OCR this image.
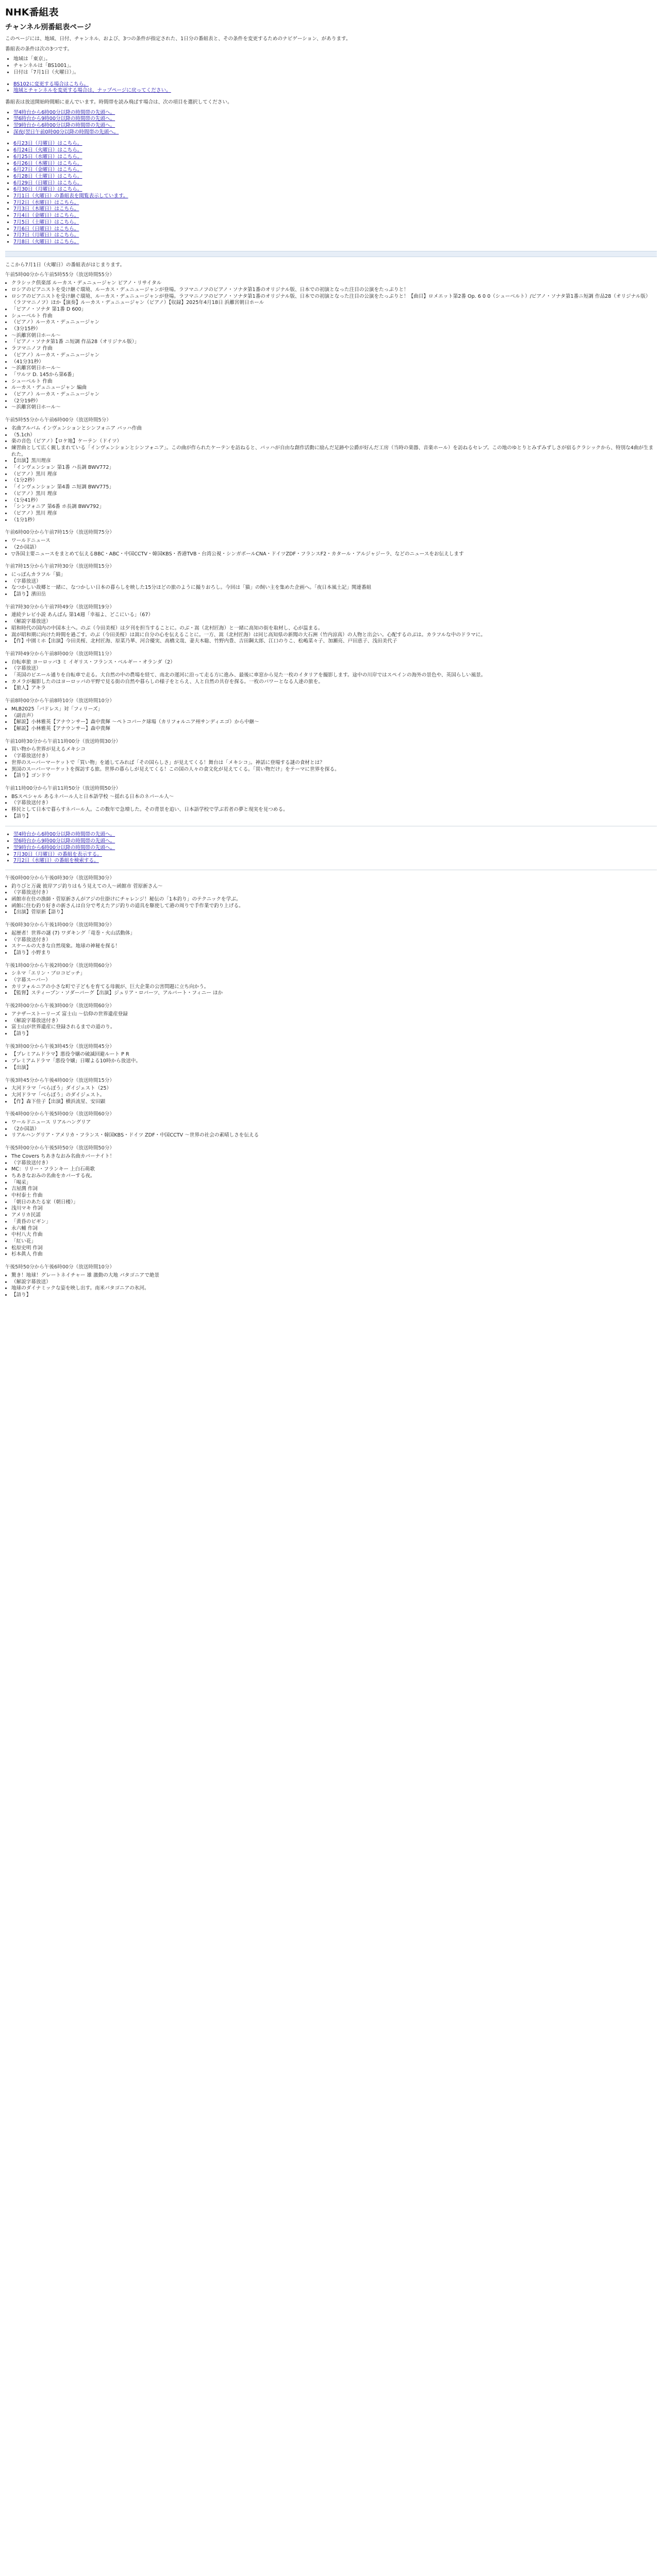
NHK番組表
チャンネル別番組表ページ

このページには、地域、日付、チャンネル、および、3つの条件が指定された、1日分の番組表と、その条件を変更するためのナビゲーション、があります。

番組表の条件は次の3つです。

• 地域は「東京」。
• チャンネルは「BS1001」。
• 日付は「7月1日（火曜日）」。
• BS102に変更する場合はこちら。
• 地域とチャンネルを変更する場合は、ナップページに戻ってください。

番組表は放送開始時間順に並んでいます。時間帯を読み飛ばす場合は、次の項目を選択してください。

• 翌4時台から6時00分以降の時間帯の先頭へ。
• 翌6時台から9時00分以降の時間帯の先頭へ。
• 翌9時台から6時00分以降の時間帯の先頭へ。
• 深夜(翌日午前0時00分以降の時間帯の先頭へ。
• 6月23日（月曜日）はこちら。
• 6月24日（火曜日）はこちら。
• 6月25日（水曜日）はこちら。
• 6月26日（木曜日）はこちら。
• 6月27日（金曜日）はこちら。
• 6月28日（土曜日）はこちら。
• 6月29日（日曜日）はこちら。
• 6月30日（月曜日）はこちら。
• 7月1日（火曜日）の番組表を閲覧表示しています。
• 7月2日（水曜日）はこちら。
• 7月3日（木曜日）はこちら。
• 7月4日（金曜日）はこちら。
• 7月5日（土曜日）はこちら。
• 7月6日（日曜日）はこちら。
• 7月7日（月曜日）はこちら。
• 7月8日（火曜日）はこちら。

ここから7月1日（火曜日）の番組表がはじまります。

午前5時00分から午前5時55分（放送時間55分）
• クラシック倶楽部 ルーカス・デュニュージャン ピアノ・リサイタル
• ロシアのピアニストを受け継ぐ環境、ルーカス・デュニュージャンが登場。ラフマニノフのピアノ・ソナタ第1番のオリジナル版、日本での初演となった注目の公演をたっぷりと！
• ロシアのピアニストを受け継ぐ環境、ルーカス・デュニュージャンが登場。ラフマニノフのピアノ・ソナタ第1番のオリジナル版、日本での初演となった注目の公演をたっぷりと！【曲目】ロメエット第2番 Op. 6 0 0（シューベルト）/ピアノ・ソナタ第1番ニ短調 作品28（オリジナル版）（ラフマニノフ）ほか【演奏】ルーカス・デュニュージャン（ピアノ）【収録】2025年4月18日 浜離宮朝日ホール
• 「ピアノ・ソナタ 第1番 D 600」
• シューベルト 作曲
• （ピアノ）ルーカス・デュニュージャン
• （3分15秒）
• ～浜離宮朝日ホール～
• 「ピアノ・ソナタ第1番 ニ短調 作品28（オリジナル版）」
• ラフマニノフ 作曲
• （ピアノ）ルーカス・デュニュージャン
• （41分31秒）
• ～浜離宮朝日ホール～
• 「ワルツ D. 145から第6番」
• シューベルト 作曲
• ルーカス・デュニュージャン 編曲
• （ピアノ）ルーカス・デュニュージャン
• （2分19秒）
• ～浜離宮朝日ホール～
午前5時55分から午前6時00分（放送時間5分）
• 名曲アルバム インヴェンションとシンフォニア バッハ作曲
• （5.1ch）
• 楽の音色（ピアノ）【ロケ地】ケーテン（ドイツ）
• 練習曲として広く親しまれている「インヴェンションとシンフォニア」。この曲が作られたケーテンを訪ねると、バッハが自由な創作活動に励んだ足跡や公爵が好んだ工房（当時の楽器、音楽ホール）を訪ねるセレブ。この地のゆとりとみずみずしさが宿るクラシックから、特別な4曲が生まれた。
• 【出演】黒川理彦
• 「インヴェンション 第1番 ハ長調 BWV772」
• （ピアノ）黒川 理彦
• （1分2秒）
• 「インヴェンション 第4番 ニ短調 BWV775」
• （ピアノ）黒川 理彦
• （1分41秒）
• 「シンフォニア 第6番 ホ長調 BWV792」
• （ピアノ）黒川 理彦
• （1分1秒）
午前6時00分から午前7時15分（放送時間75分）
• ワールドニュース
• （2か国語）
• ▽各国主要ニュースをまとめて伝えるBBC・ABC・中国CCTV・韓国KBS・香港TVB・台湾公視・シンガポールCNA・ドイツZDF・フランスF2・カタール・アルジャジーラ、などのニュースをお伝えします
午前7時15分から午前7時30分（放送時間15分）
• にっぽんカラフル「猫」
• （字幕放送）
• なつかしい故郷と一緒に、なつかしい日本の暮らしを映した15分ほどの旅のように撮りおろし。今回は「猫」の飼い主を集めた企画へ。「夜日本風土記」関連番組
• 【語り】濱田岳
午前7時30分から午前7時49分（放送時間19分）
• 連続テレビ小説 あんぱん 第14週「幸福よ、どこにいる」（67）
• （解説字幕放送）
• 昭和時代の国内の中国本土へ。のぶ（今田美桜）は夕刊を担当することに。のぶ・嵩（北村匠海）と一緒に高知の街を取材し、心が温まる。
• 嵩が昭和期に向けた時間を過ごす。のぶ（今田美桜）は嵩に自分の心を伝えることに。一方、嵩（北村匠海）は同じ高知県の新聞の大石洲（竹内涼真）の人物と出会い。心配するのぶは。カラフルな中のドラマに。
• 【作】中園ミホ【出演】今田美桜、北村匠海、原菜乃華、河合優実、高橋文哉、妻夫木聡、竹野内豊、吉田鋼太郎、江口のりこ、松嶋菜々子、加瀬亮、戸田恵子、浅田美代子
午前7時49分から午前8時00分（放送時間11分）
• 自転車旅 ヨーロッパ3 ミ イギリス・フランス・ベルギー・オランダ（2）
• （字幕放送）
• 「英国のピエール通りを自転車で走る。大自然の中の農場を経て、南北の運河に沿って走る方に進み、最後に車窓から見た一枚のイタリアを撮影します。途中の川岸ではスペインの海外の景色や、英国らしい風景。
• カメラが撮影したのはヨーロッパの平野で見る街の自然や暮らしの様子をとらえ、人と自然の共存を探る。一枚のパワーとなる人達の旅を。
• 【旅人】アキラ
午前8時00分から午前8時10分（放送時間10分）
• MLB2025「パドレス」対「フィリーズ」
• （副音声）
• 【解説】小林雅英【アナウンサー】森中貴輝 ～ペトコパーク球場（カリフォルニア州サンディエゴ）から中継～
• 【解説】小林雅英【アナウンサー】森中貴輝
午前10時30分から午前11時00分（放送時間30分）
• 買い物から世界が見えるメキシコ
• （字幕放送付き）
• 世界のスーパーマーケットで「買い物」を通してみれば「その国らしさ」が見えてくる！舞台は「メキシコ」。神話に登場する謎の食材とは？
• 異国のスーパーマーケットを探訪する旅。世界の暮らしが見えてくる！この国の人々の食文化が見えてくる。「買い物だけ」をテーマに世界を探る。
• 【語り】ゴンドウ
午前11時00分から午前11時50分（放送時間50分）
• BSスペシャル あるネパール人と日本語学校 ～揺れる日本のネパール人～
• （字幕放送付き）
• 移民として日本で暮らすネパール人。この数年で急増した。その背景を追い、日本語学校で学ぶ若者の夢と現実を見つめる。
• 【語り】
• 翌4時台から6時00分以降の時間帯の先頭へ。
• 翌6時台から9時00分以降の時間帯の先頭へ。
• 翌9時台から6時00分以降の時間帯の先頭へ。
• 7月30日（月曜日）の番組を表示する。
• 7月2日（水曜日）の番組を検索する。
午後0時00分から午後0時30分（放送時間30分）
• 釣りびと万歳 彼岸アジ釣りはもう見えての人～函館市 菅原新さん～
• （字幕放送付き）
• 函館市在住の漁師・菅原新さんがアジの仕掛けにチャレンジ！秘伝の「1本釣り」のテクニックを学ぶ。
• 函館に住む釣り好きの新さんは自分で考えたアジ釣りの道具を駆使して港の周りで手作業で釣り上げる。
• 【出演】菅原新【語り】
午後0時30分から午後1時00分（放送時間30分）
• 起歴者！世界の謎 (7) ワダキング「竜巻・火山活動体」
• （字幕放送付き）
• スケールの大きな自然現象。地球の神秘を探る！
• 【語り】小野まり
午後1時00分から午後2時00分（放送時間60分）
• シネマ「エリン・ブロコビッチ」
• （字幕スーパー）
• カリフォルニアの小さな町で子どもを育てる母親が、巨大企業の公害問題に立ち向かう。
• 【監督】スティーブン・ソダーバーグ【出演】ジュリア・ロバーツ、アルバート・フィニー ほか
午後2時00分から午後3時00分（放送時間60分）
• アナザーストーリーズ 富士山 ～信仰の世界遺産登録
• （解説字幕放送付き）
• 富士山が世界遺産に登録されるまでの道のり。
• 【語り】
午後3時00分から午後3時45分（放送時間45分）
• 【プレミアムドラマ】悪役令嬢の破滅回避ルート P R
• プレミアムドラマ「悪役令嬢」日曜よる10時から放送中。
• 【出演】
午後3時45分から午後4時00分（放送時間15分）
• 大河ドラマ「べらぼう」ダイジェスト（25）
• 大河ドラマ「べらぼう」のダイジェスト。
• 【作】森下佳子【出演】横浜流星、安田顕
午後4時00分から午後5時00分（放送時間60分）
• ワールドニュース リアルハングリア
• （2か国語）
• リアルハングリア・アメリカ・フランス・韓国KBS・ドイツ ZDF・中国CCTV ～世界の社会の素晴しさを伝える
午後5時00分から午後5時50分（放送時間50分）
• The Covers ちあきなおみ名曲カバーナイト！
• （字幕放送付き）
• MC：リリー・フランキー 上白石萌歌
• ちあきなおみの名曲をカバーする夜。
• 「喝采」
• 吉屋潤 作詞
• 中村泰士 作曲
• 「朝日のあたる家（朝日楼）」
• 浅川マキ 作詞
• アメリカ民謡
• 「黄昏のビギン」
• 永六輔 作詞
• 中村八大 作曲
• 「紅い花」
• 松原史明 作詞
• 杉本眞人 作曲
午後5時50分から午後6時00分（放送時間10分）
• 驚き！地球！グレートネイチャー 雄 激動の大地 パタゴニアで絶景
• （解説字幕放送）
• 地球のダイナミックな姿を映し出す。南米パタゴニアの氷河。
• 【語り】
